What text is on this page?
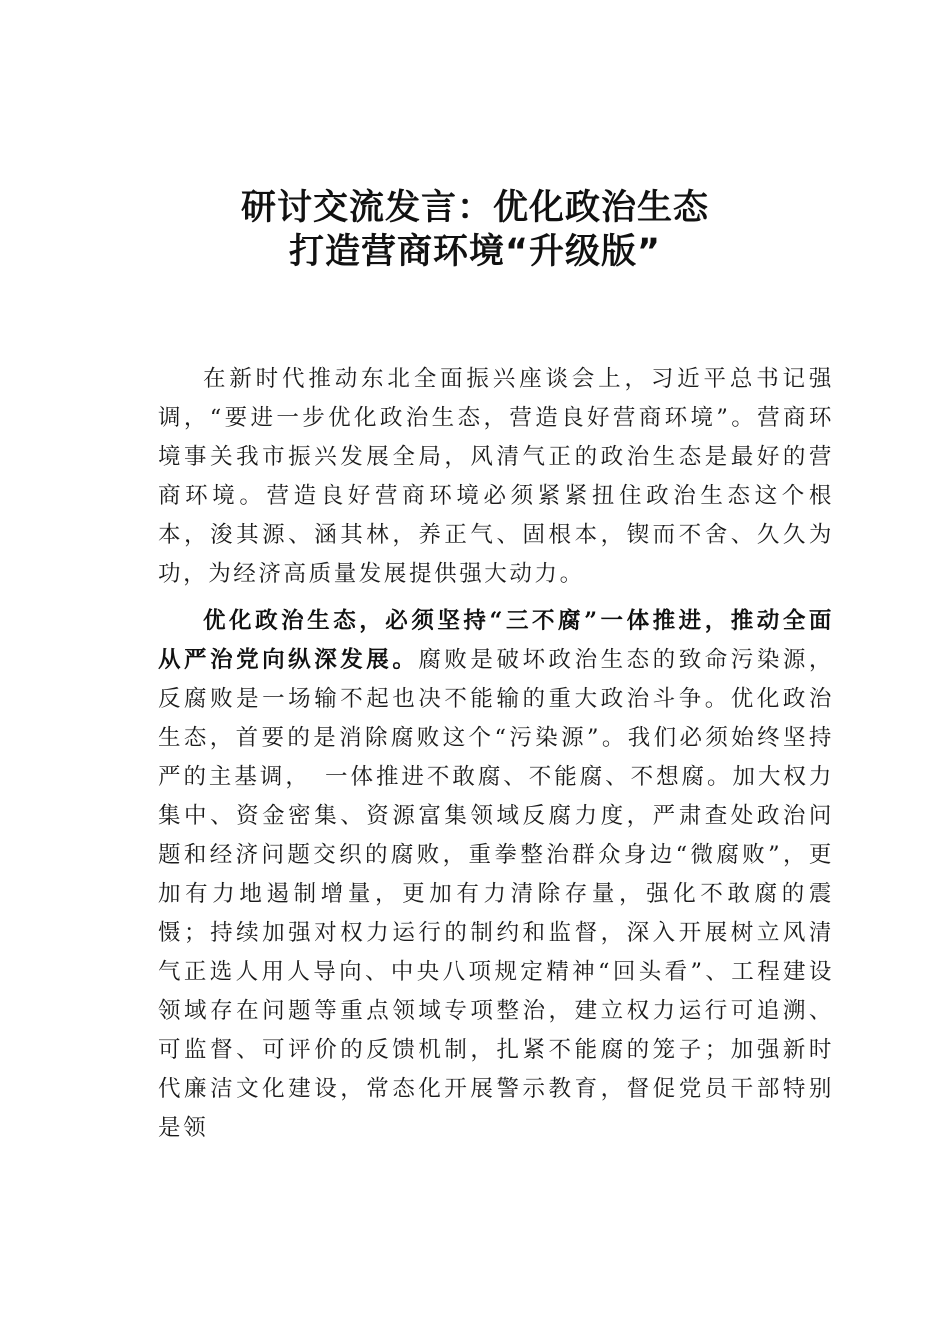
研讨交流发言：优化政治生态
打造营商环境“升级版”

在新时代推动东北全面振兴座谈会上，习近平总书记强调，“要进一步优化政治生态，营造良好营商环境”。营商环境事关我市振兴发展全局，风清气正的政治生态是最好的营商环境。营造良好营商环境必须紧紧扭住政治生态这个根本，浚其源、涵其林，养正气、固根本，锲而不舍、久久为功，为经济高质量发展提供强大动力。

优化政治生态，必须坚持“三不腐”一体推进，推动全面从严治党向纵深发展。腐败是破坏政治生态的致命污染源，反腐败是一场输不起也决不能输的重大政治斗争。优化政治生态，首要的是消除腐败这个“污染源”。我们必须始终坚持严的主基调，　一体推进不敢腐、不能腐、不想腐。加大权力集中、资金密集、资源富集领域反腐力度，严肃查处政治问题和经济问题交织的腐败，重拳整治群众身边“微腐败”，更加有力地遏制增量，更加有力清除存量，强化不敢腐的震慑；持续加强对权力运行的制约和监督，深入开展树立风清气正选人用人导向、中央八项规定精神“回头看”、工程建设领域存在问题等重点领域专项整治，建立权力运行可追溯、可监督、可评价的反馈机制，扎紧不能腐的笼子；加强新时代廉洁文化建设，常态化开展警示教育，督促党员干部特别是领
